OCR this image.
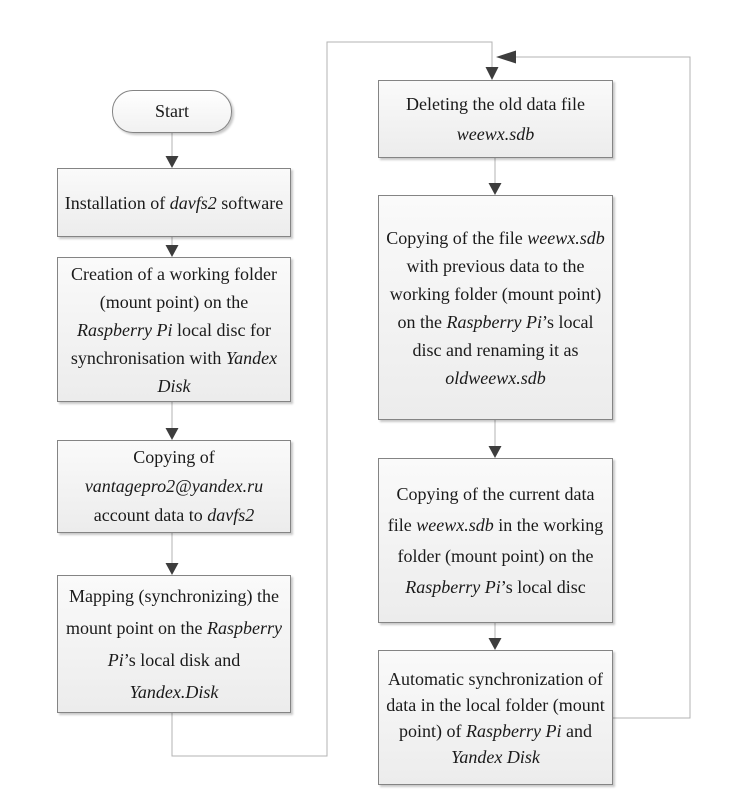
Start
Installation of davfs2 software
Creation of a working folder (mount point) on the Raspberry Pi local disc for synchronisation with Yandex Disk
Copying of vantagepro2@yandex.ru account data to davfs2
Mapping (synchronizing) the mount point on the Raspberry Pi’s local disk and Yandex.Disk
Deleting the old data file weewx.sdb
Copying of the file weewx.sdb with previous data to the working folder (mount point) on the Raspberry Pi’s local disc and renaming it as oldweewx.sdb
Copying of the current data file weewx.sdb in the working folder (mount point) on the Raspberry Pi’s local disc
Automatic synchronization of data in the local folder (mount point) of Raspberry Pi and Yandex Disk
